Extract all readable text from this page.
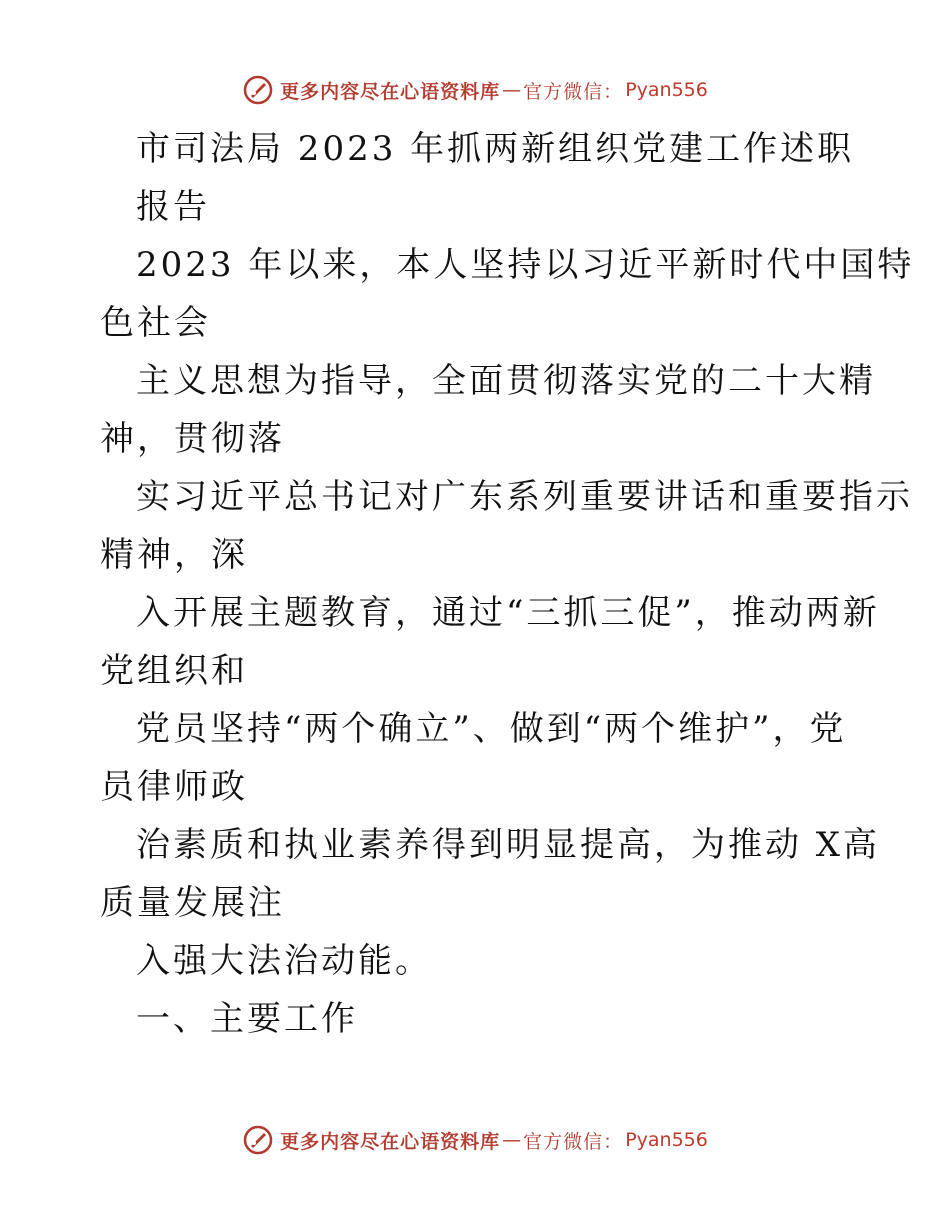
更多内容尽在心语资料库 — 官方微信： Pyan556
市司法局 2023 年抓两新组织党建工作述职
报告
2023 年以来，本人坚持以习近平新时代中国特
色社会
主义思想为指导，全面贯彻落实党的二十大精
神，贯彻落
实习近平总书记对广东系列重要讲话和重要指示
精神，深
入开展主题教育，通过“三抓三促”，推动两新
党组织和
党员坚持“两个确立”、做到“两个维护”，党
员律师政
治素质和执业素养得到明显提高，为推动 X高
质量发展注
入强大法治动能。
一、主要工作
更多内容尽在心语资料库 — 官方微信： Pyan556
